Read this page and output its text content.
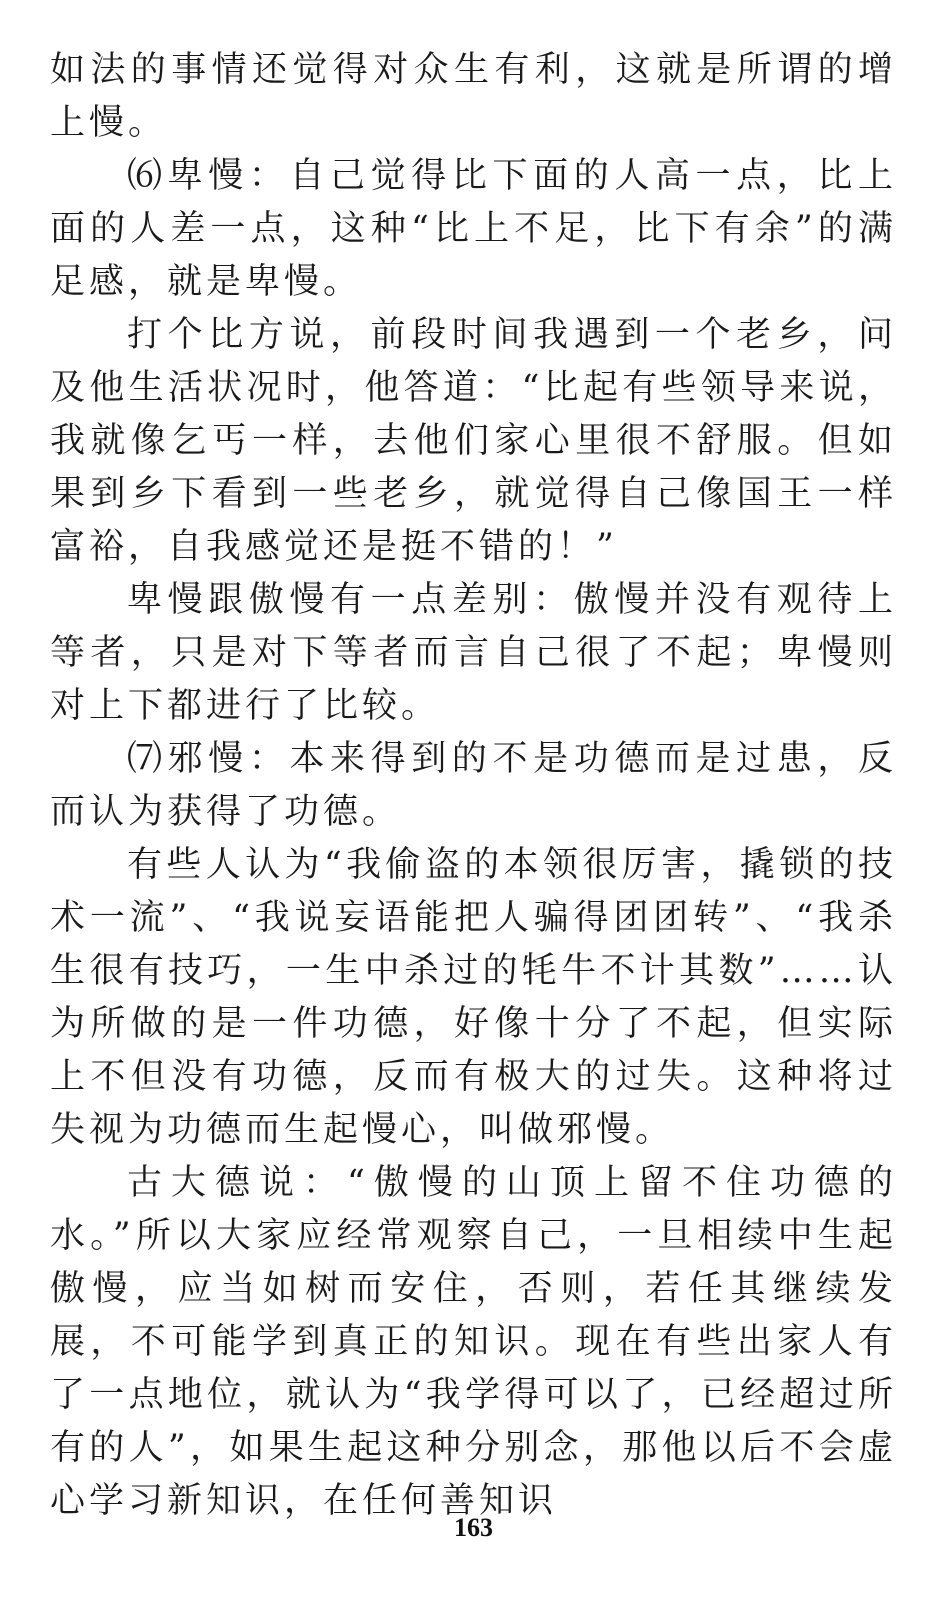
如法的事情还觉得对众生有利，这就是所谓的增上慢。

⑹卑慢：自己觉得比下面的人高一点，比上面的人差一点，这种“比上不足，比下有余”的满足感，就是卑慢。

打个比方说，前段时间我遇到一个老乡，问及他生活状况时，他答道：“比起有些领导来说，我就像乞丐一样，去他们家心里很不舒服。但如果到乡下看到一些老乡，就觉得自己像国王一样富裕，自我感觉还是挺不错的！”

卑慢跟傲慢有一点差别：傲慢并没有观待上等者，只是对下等者而言自己很了不起；卑慢则对上下都进行了比较。

⑺邪慢：本来得到的不是功德而是过患，反而认为获得了功德。

有些人认为“我偷盗的本领很厉害，撬锁的技术一流”、“我说妄语能把人骗得团团转”、“我杀生很有技巧，一生中杀过的牦牛不计其数”……认为所做的是一件功德，好像十分了不起，但实际上不但没有功德，反而有极大的过失。这种将过失视为功德而生起慢心，叫做邪慢。

古大德说：“傲慢的山顶上留不住功德的水。”所以大家应经常观察自己，一旦相续中生起傲慢，应当如树而安住，否则，若任其继续发展，不可能学到真正的知识。现在有些出家人有了一点地位，就认为“我学得可以了，已经超过所有的人”，如果生起这种分别念，那他以后不会虚心学习新知识，在任何善知识

163
